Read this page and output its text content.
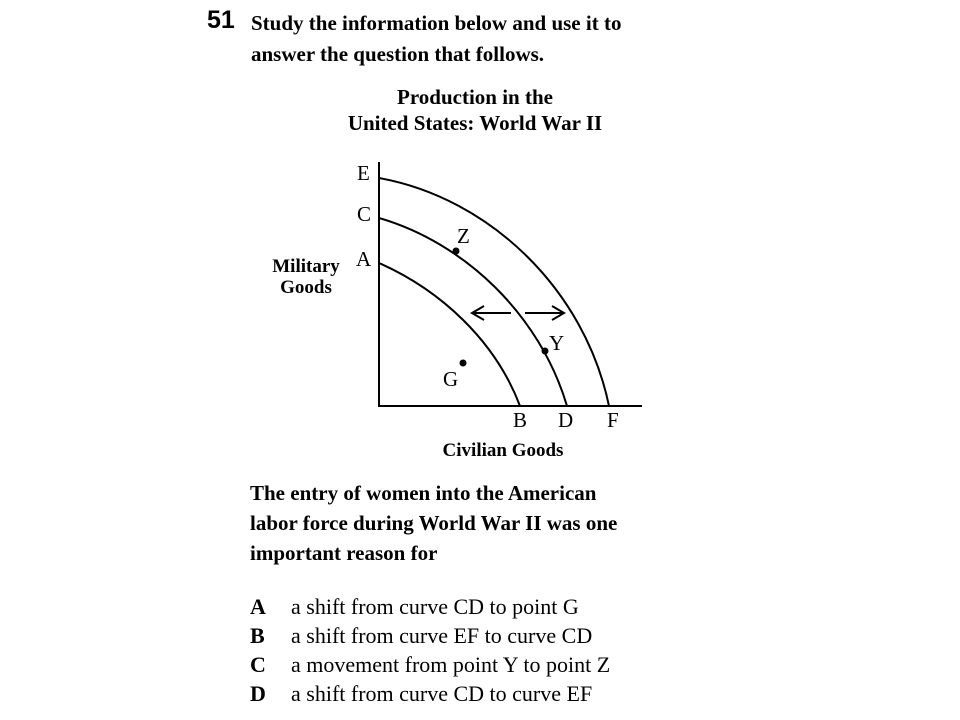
51 Study the information below and use it to
answer the question that follows.
Production in the
United States: World War II
E
C
A
B D F
Military
Goods
Civilian Goods
Z
Y
G
The entry of women into the American
labor force during World War II was one
important reason for
A	a shift from curve CD to point G
B	a shift from curve EF to curve CD
C	a movement from point Y to point Z
D	a shift from curve CD to curve EF
